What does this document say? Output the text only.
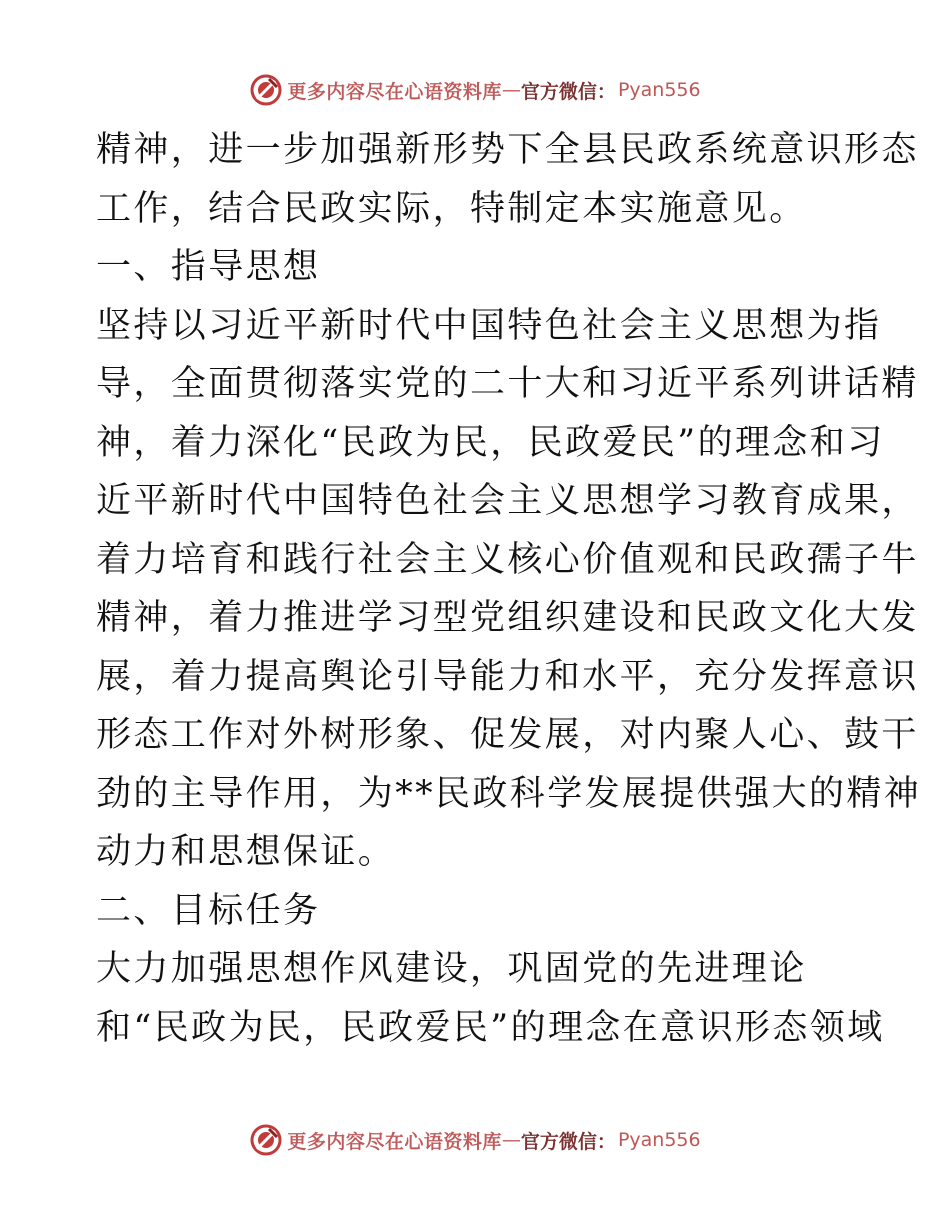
更多内容尽在心语资料库 — 官方微信： Pyan556
精神，进一步加强新形势下全县民政系统意识形态
工作，结合民政实际，特制定本实施意见。
一、指导思想
坚持以习近平新时代中国特色社会主义思想为指
导，全面贯彻落实党的二十大和习近平系列讲话精
神，着力深化“民政为民，民政爱民”的理念和习
近平新时代中国特色社会主义思想学习教育成果，
着力培育和践行社会主义核心价值观和民政孺子牛
精神，着力推进学习型党组织建设和民政文化大发
展，着力提高舆论引导能力和水平，充分发挥意识
形态工作对外树形象、促发展，对内聚人心、鼓干
劲的主导作用，为**民政科学发展提供强大的精神
动力和思想保证。
二、目标任务
大力加强思想作风建设，巩固党的先进理论
和“民政为民，民政爱民”的理念在意识形态领域
更多内容尽在心语资料库 — 官方微信： Pyan556
